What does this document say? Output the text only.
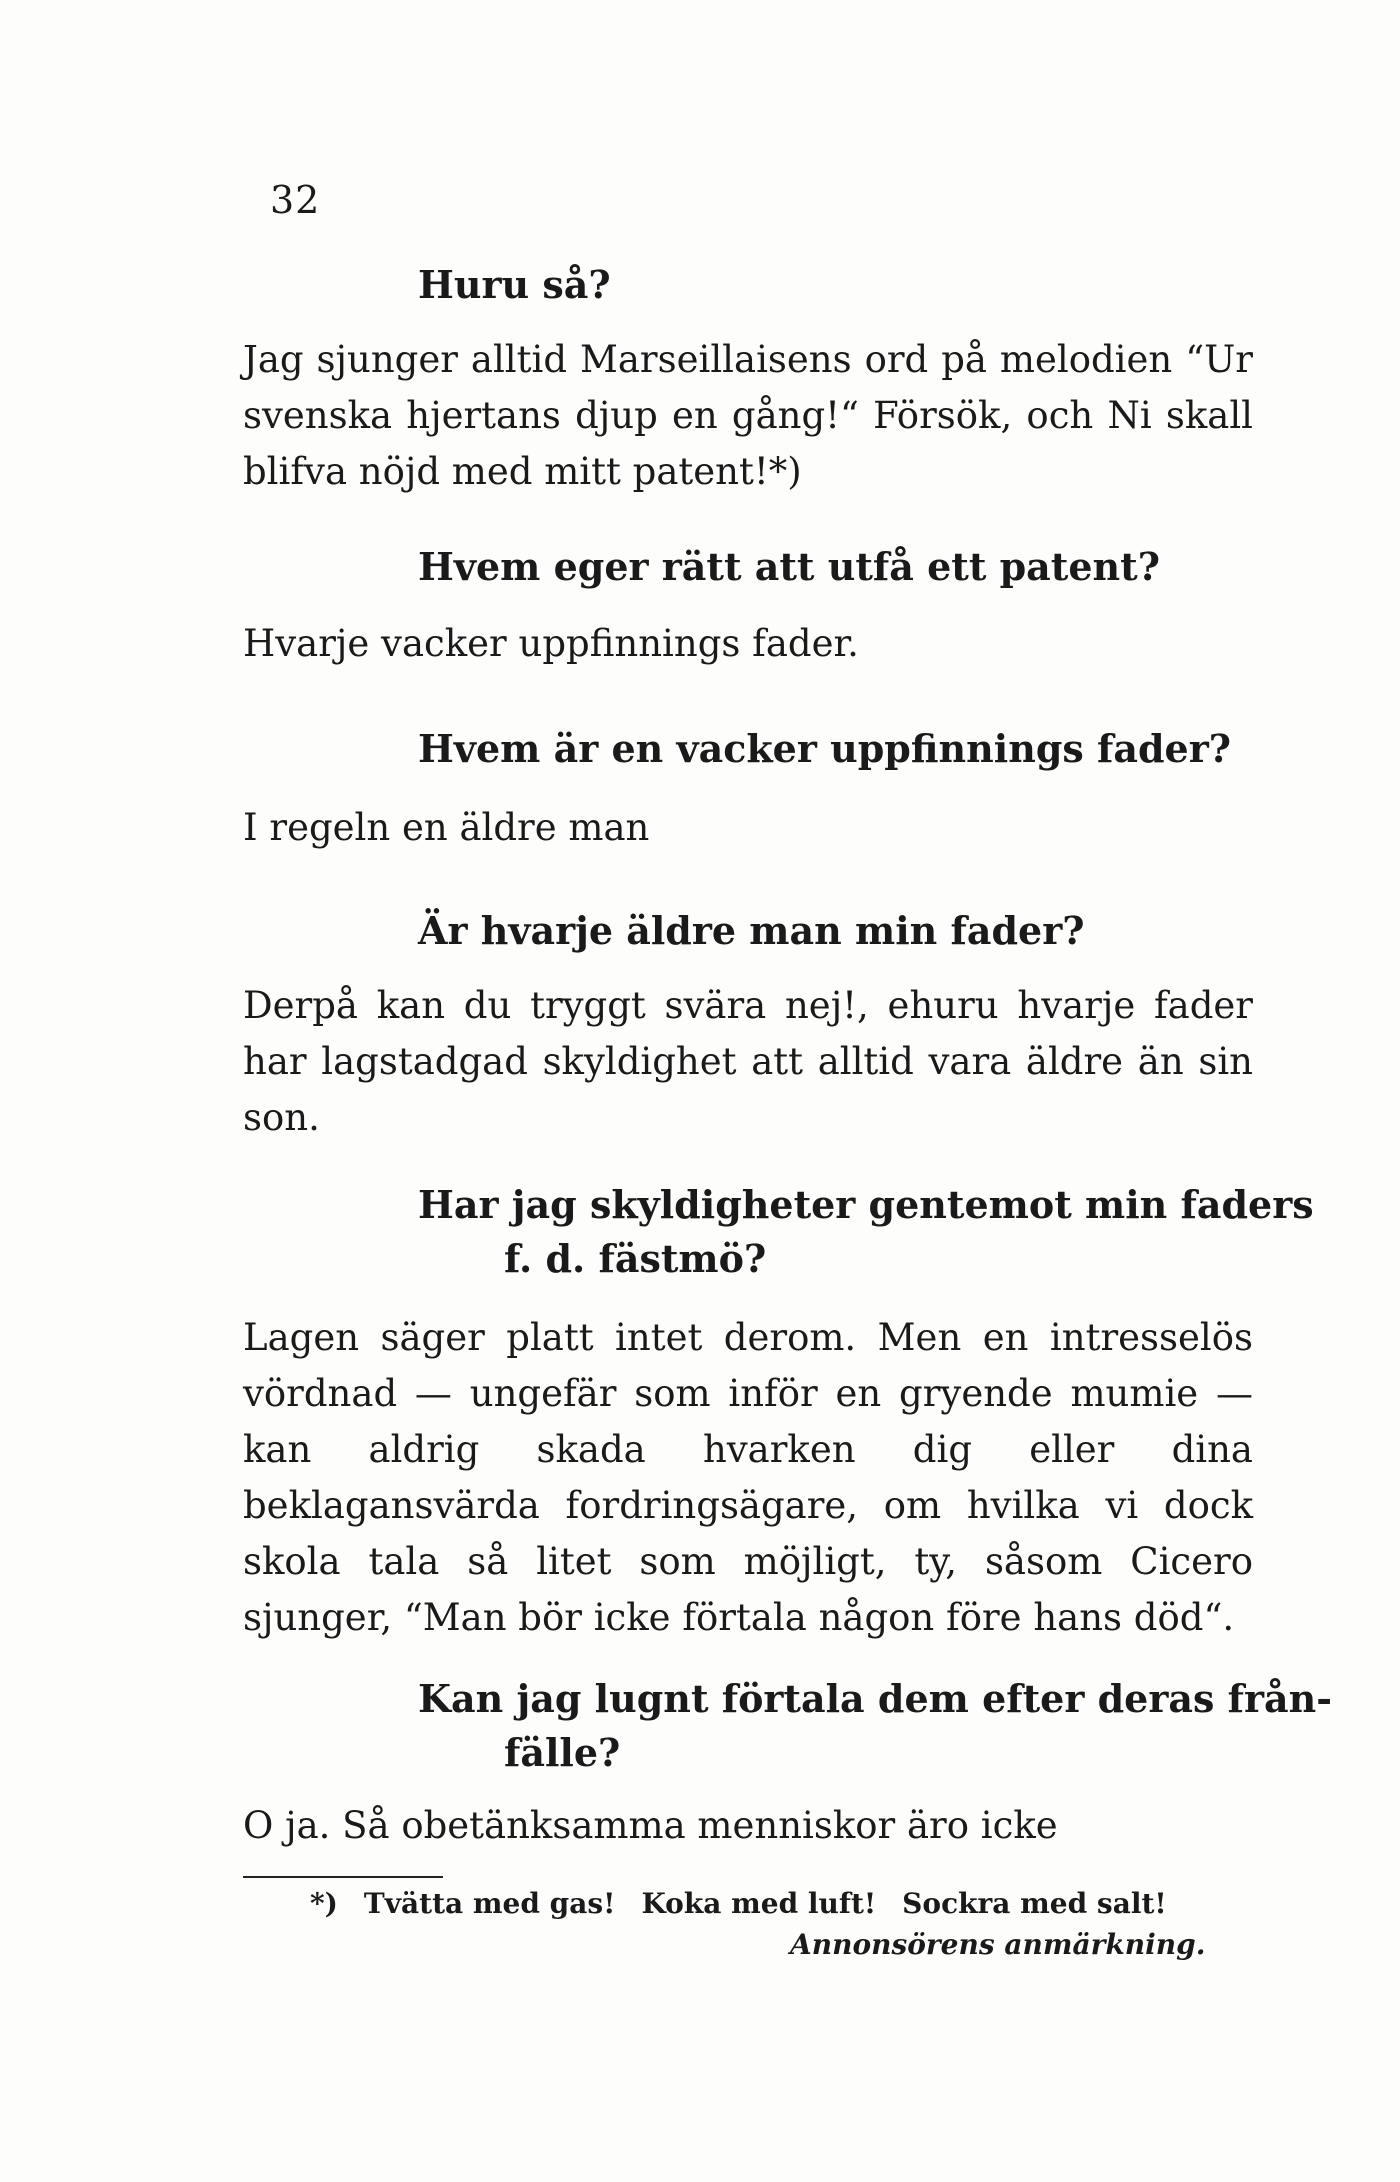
32

Huru så?

Jag sjunger alltid Marseillaisens ord på melodien “Ur svenska hjertans djup en gång!“ Försök, och Ni skall blifva nöjd med mitt patent!*)

Hvem eger rätt att utfå ett patent?

Hvarje vacker uppfinnings fader.

Hvem är en vacker uppfinnings fader?

I regeln en äldre man

Är hvarje äldre man min fader?

Derpå kan du tryggt svära nej!, ehuru hvarje fader har lagstadgad skyldighet att alltid vara äldre än sin son.

Har jag skyldigheter gentemot min faders
f. d. fästmö?

Lagen säger platt intet derom. Men en intresselös vördnad — ungefär som inför en gryende mumie — kan aldrig skada hvarken dig eller dina beklagansvärda fordringsägare, om hvilka vi dock skola tala så litet som möjligt, ty, såsom Cicero sjunger, “Man bör icke förtala någon före hans död“.

Kan jag lugnt förtala dem efter deras från-
fälle?

O ja. Så obetänksamma menniskor äro icke

*) Tvätta med gas! Koka med luft! Sockra med salt!

Annonsörens anmärkning.
